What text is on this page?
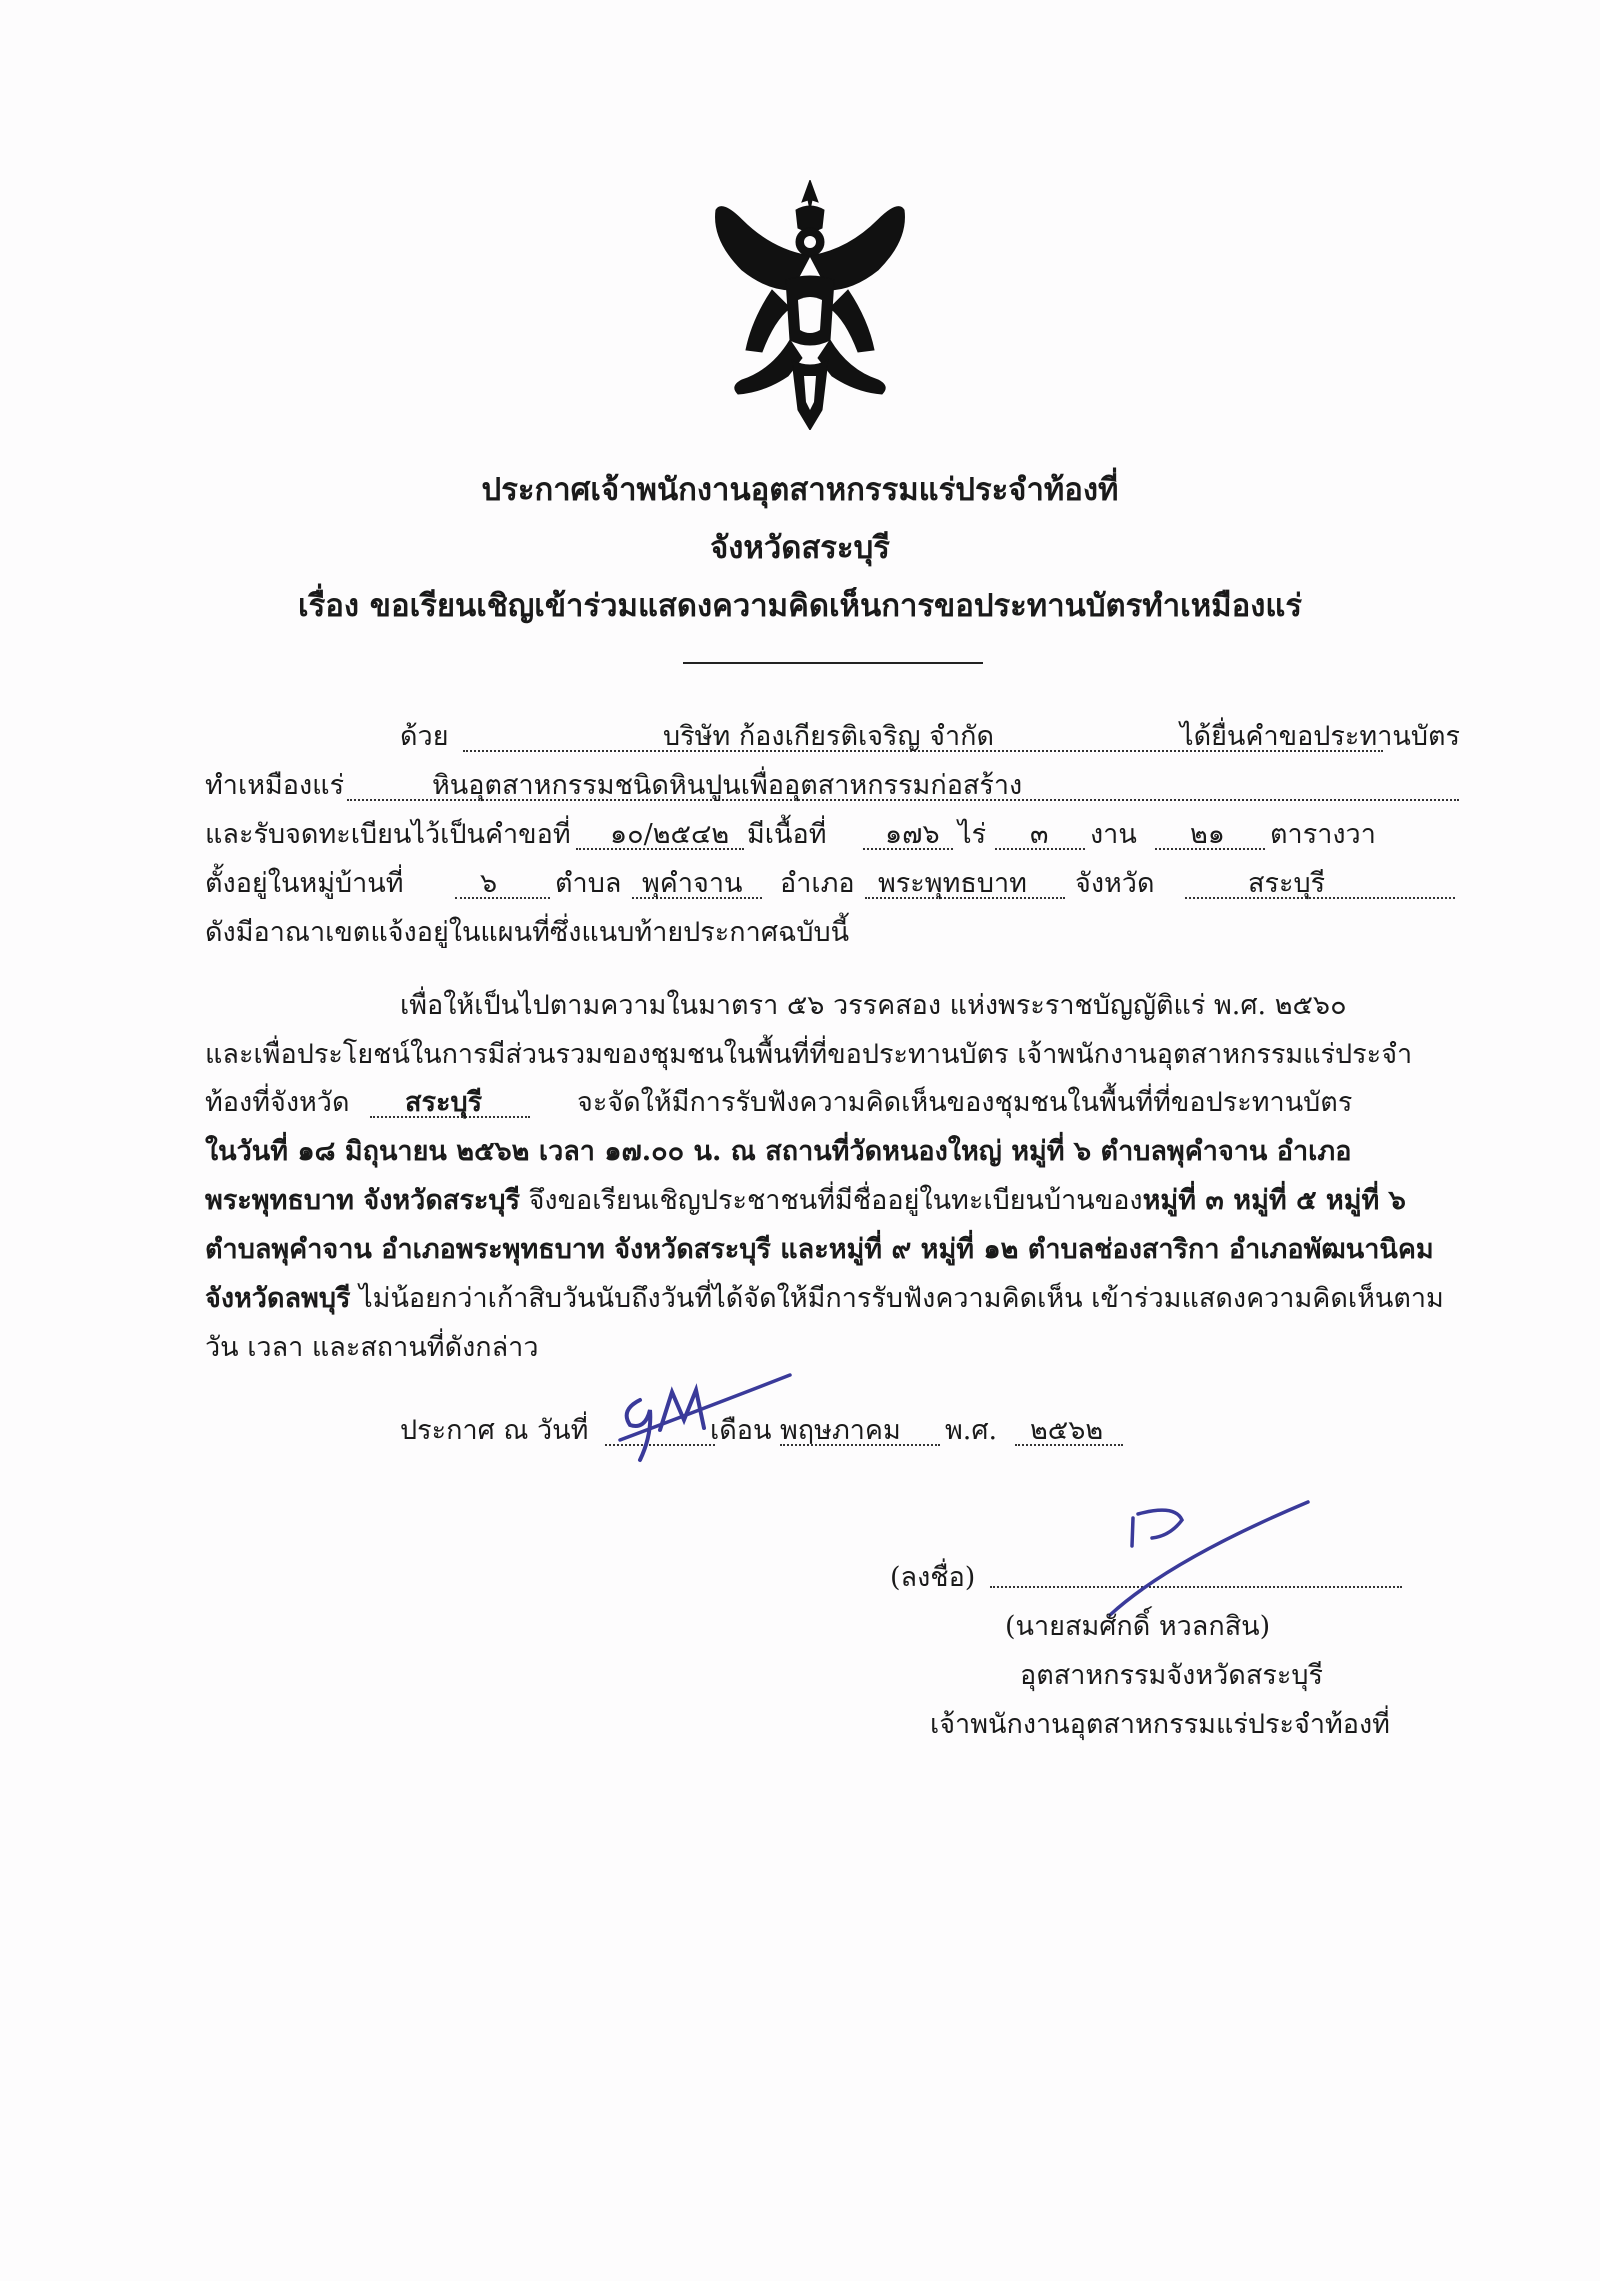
ประกาศเจ้าพนักงานอุตสาหกรรมแร่ประจำท้องที่
จังหวัดสระบุรี
เรื่อง ขอเรียนเชิญเข้าร่วมแสดงความคิดเห็นการขอประทานบัตรทำเหมืองแร่
ด้วย	บริษัท ก้องเกียรติเจริญ จำกัด	ได้ยื่นคำขอประทานบัตร
ทำเหมืองแร่	หินอุตสาหกรรมชนิดหินปูนเพื่ออุตสาหกรรมก่อสร้าง
และรับจดทะเบียนไว้เป็นคำขอที่ ๑๐/๒๕๔๒ มีเนื้อที่ ๑๗๖ ไร่ ๓ งาน ๒๑ ตารางวา
ตั้งอยู่ในหมู่บ้านที่	๖ ตำบล พุคำจาน อำเภอ พระพุทธบาท จังหวัด	สระบุรี
ดังมีอาณาเขตแจ้งอยู่ในแผนที่ซึ่งแนบท้ายประกาศฉบับนี้
เพื่อให้เป็นไปตามความในมาตรา ๕๖ วรรคสอง แห่งพระราชบัญญัติแร่ พ.ศ. ๒๕๖๐
และเพื่อประโยชน์ในการมีส่วนรวมของชุมชนในพื้นที่ที่ขอประทานบัตร เจ้าพนักงานอุตสาหกรรมแร่ประจำ
ท้องที่จังหวัด สระบุรี	จะจัดให้มีการรับฟังความคิดเห็นของชุมชนในพื้นที่ที่ขอประทานบัตร
ในวันที่ ๑๘ มิถุนายน ๒๕๖๒ เวลา ๑๗.๐๐ น. ณ สถานที่วัดหนองใหญ่ หมู่ที่ ๖ ตำบลพุคำจาน อำเภอ
พระพุทธบาท จังหวัดสระบุรี จึงขอเรียนเชิญประชาชนที่มีชื่ออยู่ในทะเบียนบ้านของหมู่ที่ ๓ หมู่ที่ ๕ หมู่ที่ ๖
ตำบลพุคำจาน อำเภอพระพุทธบาท จังหวัดสระบุรี และหมู่ที่ ๙ หมู่ที่ ๑๒ ตำบลช่องสาริกา อำเภอพัฒนานิคม
จังหวัดลพบุรี ไม่น้อยกว่าเก้าสิบวันนับถึงวันที่ได้จัดให้มีการรับฟังความคิดเห็น เข้าร่วมแสดงความคิดเห็นตาม
วัน เวลา และสถานที่ดังกล่าว
ประกาศ ณ วันที่	เดือน พฤษภาคม พ.ศ. ๒๕๖๒
(ลงชื่อ)
(นายสมศักดิ์ หวลกสิน)
อุตสาหกรรมจังหวัดสระบุรี
เจ้าพนักงานอุตสาหกรรมแร่ประจำท้องที่
